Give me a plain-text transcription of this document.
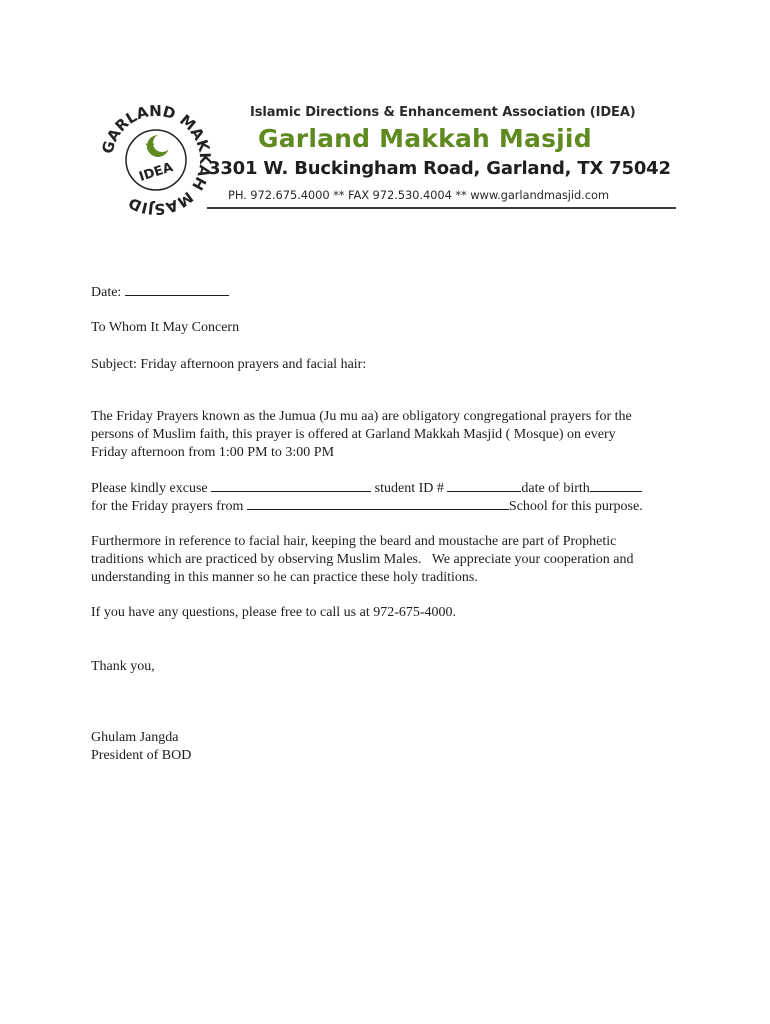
GARLAND MAKKAH MASJID
IDEA
Islamic Directions & Enhancement Association (IDEA)
Garland Makkah Masjid
3301 W. Buckingham Road, Garland, TX 75042
PH. 972.675.4000 ** FAX 972.530.4004 ** www.garlandmasjid.com
Date:
To Whom It May Concern
Subject: Friday afternoon prayers and facial hair:
The Friday Prayers known as the Jumua (Ju mu aa) are obligatory congregational prayers for the
persons of Muslim faith, this prayer is offered at Garland Makkah Masjid ( Mosque) on every
Friday afternoon from 1:00 PM to 3:00 PM
Please kindly excuse	student ID #	date of birth
for the Friday prayers from	School for this purpose.
Furthermore in reference to facial hair, keeping the beard and moustache are part of Prophetic
traditions which are practiced by observing Muslim Males.   We appreciate your cooperation and
understanding in this manner so he can practice these holy traditions.
If you have any questions, please free to call us at 972-675-4000.
Thank you,
Ghulam Jangda
President of BOD
